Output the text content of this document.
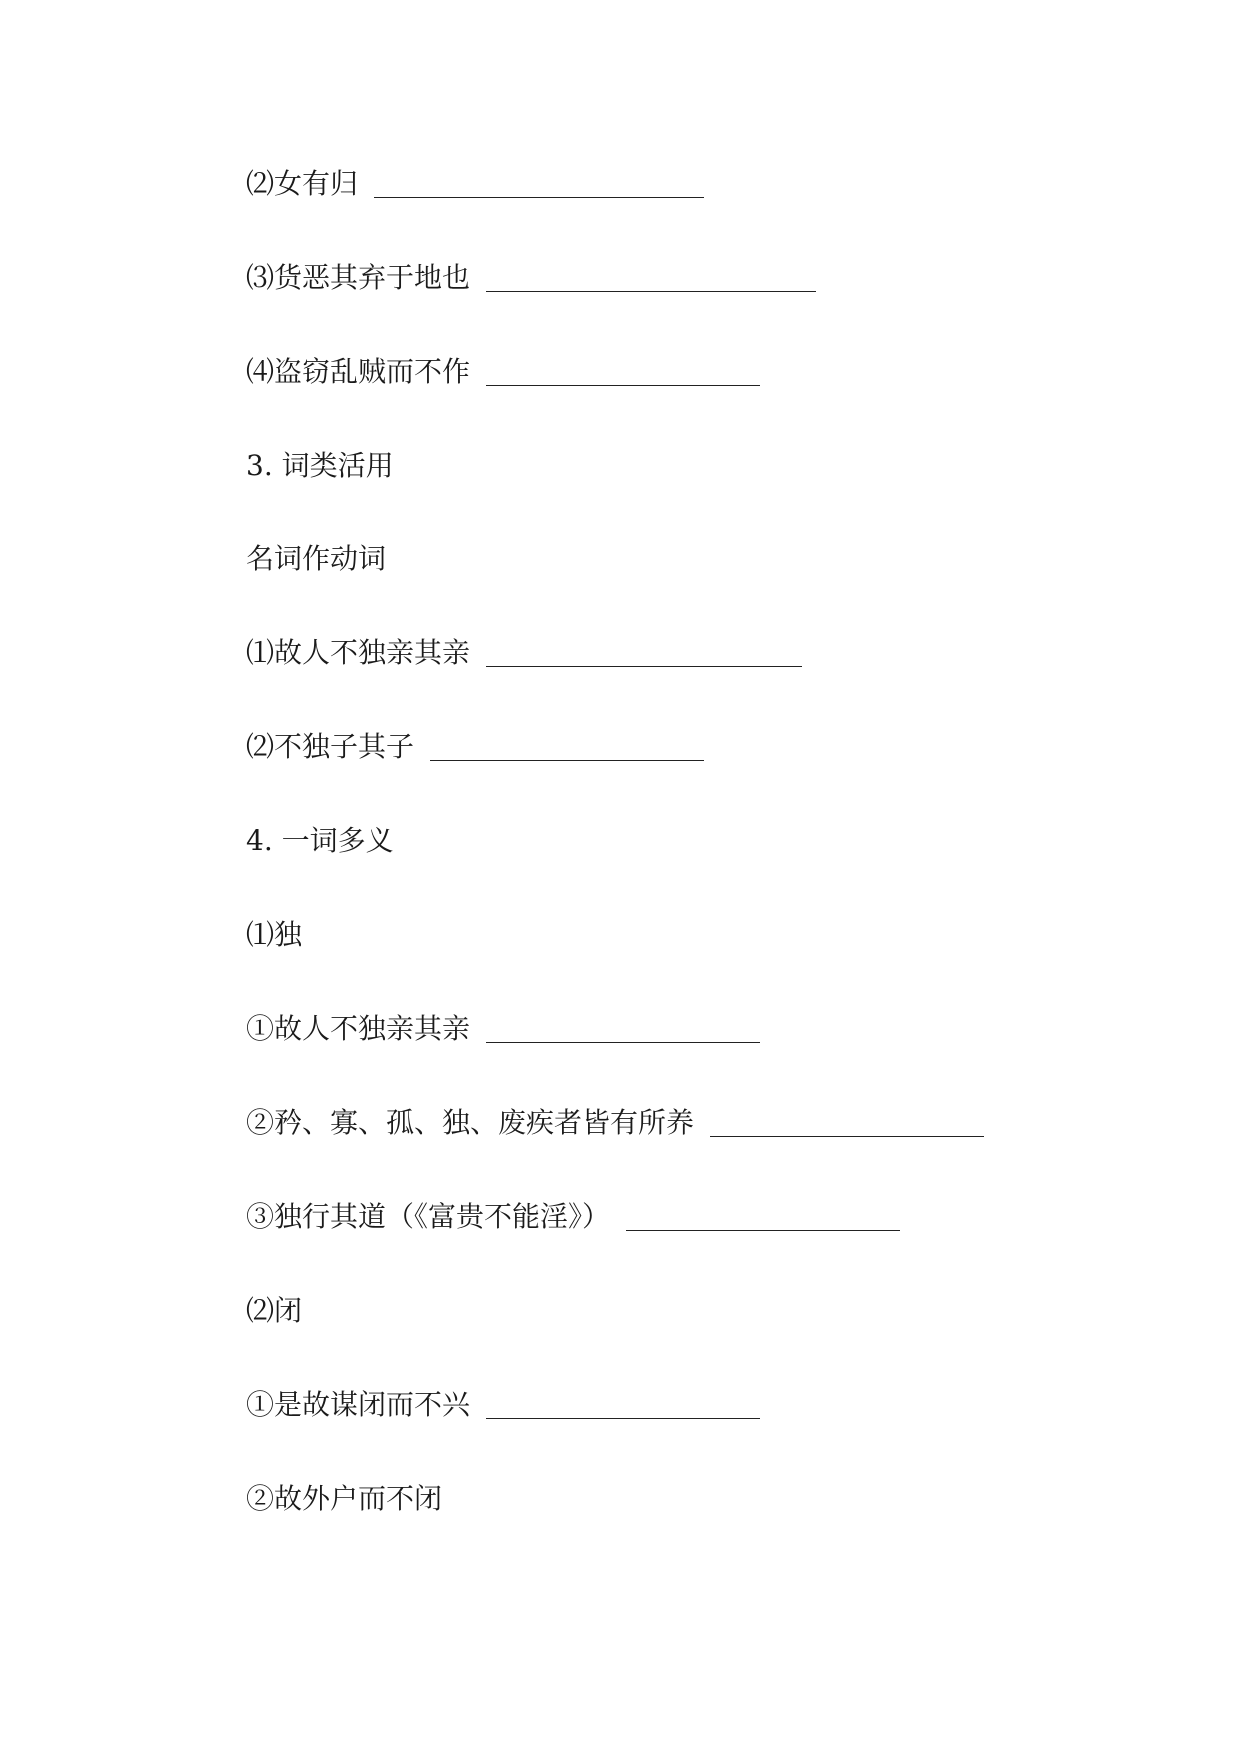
⑵女有归
⑶货恶其弃于地也
⑷盗窃乱贼而不作
3. 词类活用
名词作动词
⑴故人不独亲其亲
⑵不独子其子
4. 一词多义
⑴独
①故人不独亲其亲
②矜、寡、孤、独、废疾者皆有所养
③独行其道（《富贵不能淫》）
⑵闭
①是故谋闭而不兴
②故外户而不闭
